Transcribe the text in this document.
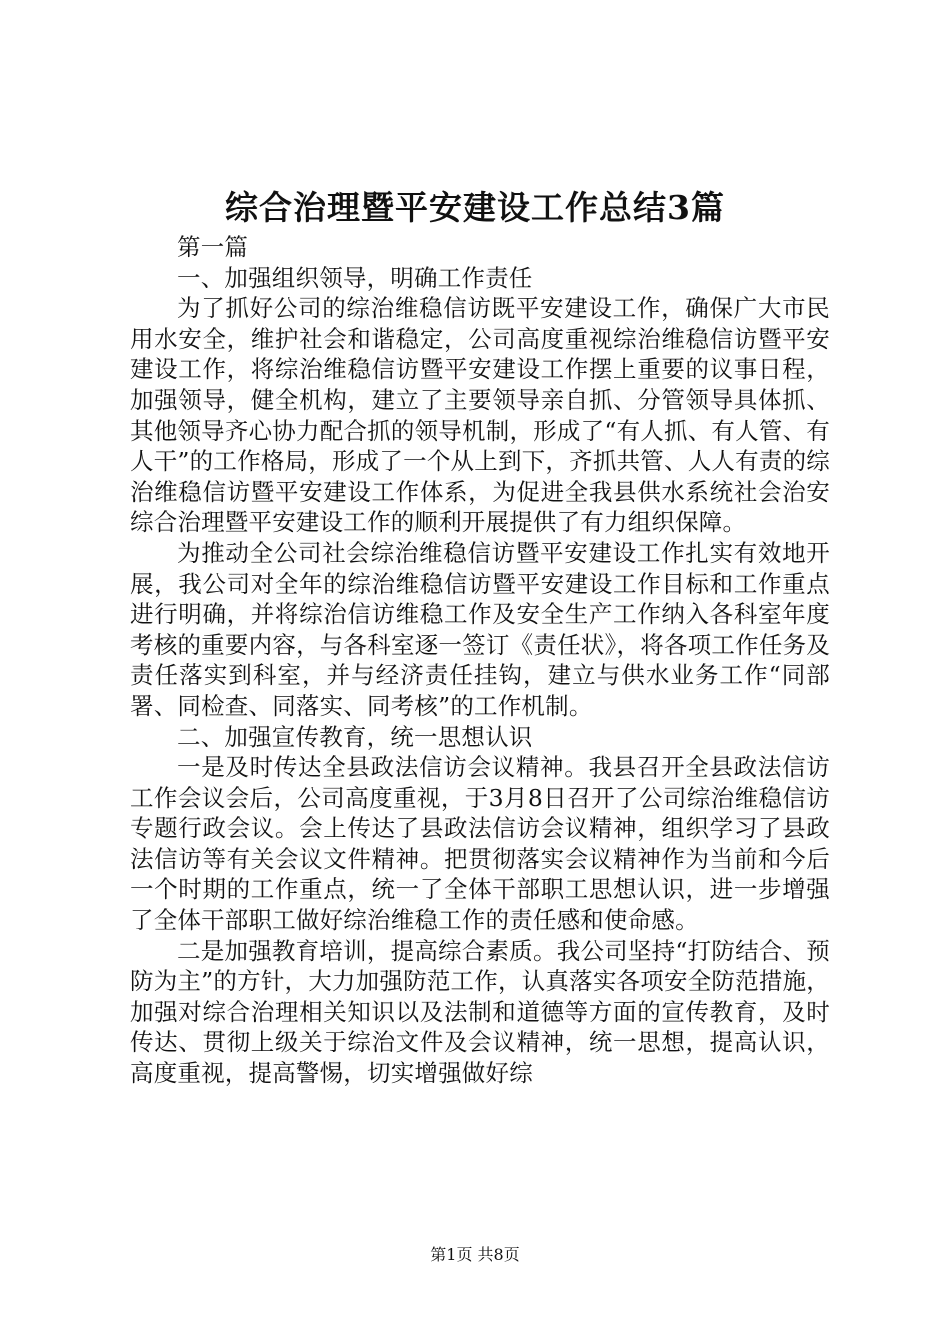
综合治理暨平安建设工作总结3篇

第一篇

一、加强组织领导，明确工作责任

为了抓好公司的综治维稳信访既平安建设工作，确保广大市民用水安全，维护社会和谐稳定，公司高度重视综治维稳信访暨平安建设工作，将综治维稳信访暨平安建设工作摆上重要的议事日程，加强领导，健全机构，建立了主要领导亲自抓、分管领导具体抓、其他领导齐心协力配合抓的领导机制，形成了“有人抓、有人管、有人干”的工作格局，形成了一个从上到下，齐抓共管、人人有责的综治维稳信访暨平安建设工作体系，为促进全我县供水系统社会治安综合治理暨平安建设工作的顺利开展提供了有力组织保障。

为推动全公司社会综治维稳信访暨平安建设工作扎实有效地开展，我公司对全年的综治维稳信访暨平安建设工作目标和工作重点进行明确，并将综治信访维稳工作及安全生产工作纳入各科室年度考核的重要内容，与各科室逐一签订《责任状》，将各项工作任务及责任落实到科室，并与经济责任挂钩，建立与供水业务工作“同部署、同检查、同落实、同考核”的工作机制。

二、加强宣传教育，统一思想认识

一是及时传达全县政法信访会议精神。我县召开全县政法信访工作会议会后，公司高度重视，于3月8日召开了公司综治维稳信访专题行政会议。会上传达了县政法信访会议精神，组织学习了县政法信访等有关会议文件精神。把贯彻落实会议精神作为当前和今后一个时期的工作重点，统一了全体干部职工思想认识，进一步增强了全体干部职工做好综治维稳工作的责任感和使命感。

二是加强教育培训，提高综合素质。我公司坚持“打防结合、预防为主”的方针，大力加强防范工作，认真落实各项安全防范措施，加强对综合治理相关知识以及法制和道德等方面的宣传教育，及时传达、贯彻上级关于综治文件及会议精神，统一思想，提高认识，高度重视，提高警惕，切实增强做好综

第1页 共8页
